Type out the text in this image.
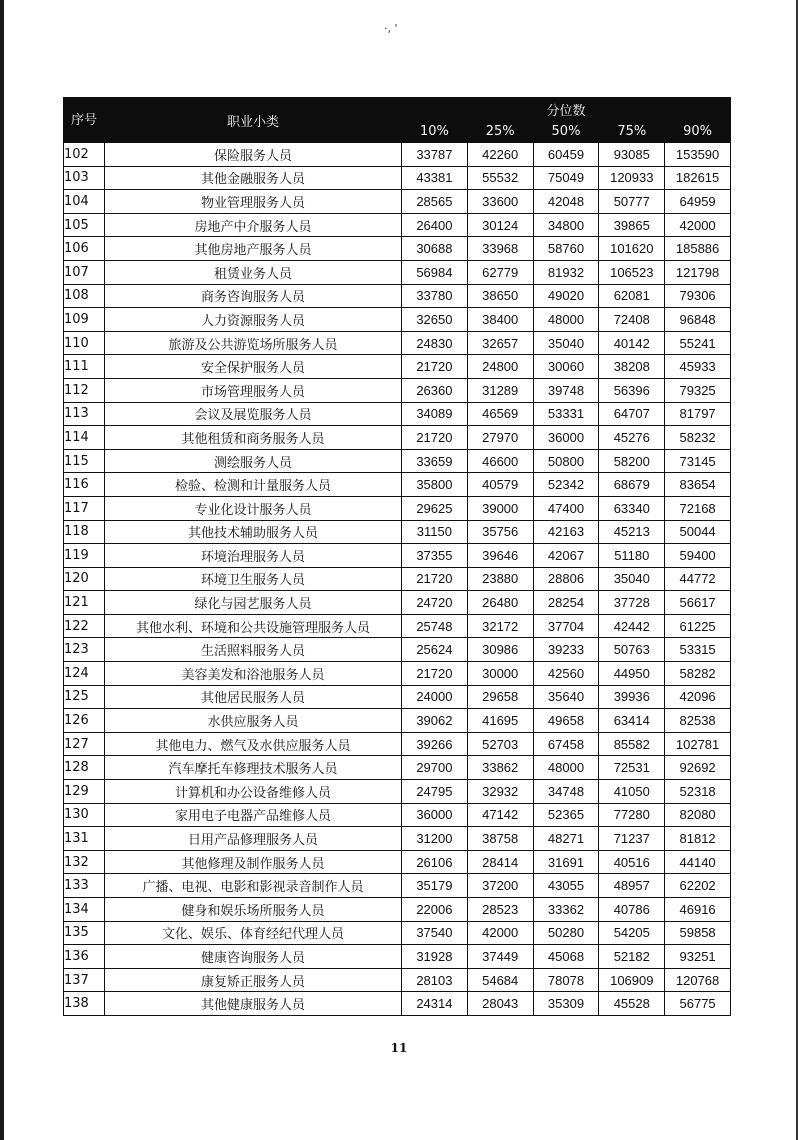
·, '
序号	职业小类	分位数				
		10%	25%	50%	75%	90%
102	保险服务人员	33787	42260	60459	93085	153590
103	其他金融服务人员	43381	55532	75049	120933	182615
104	物业管理服务人员	28565	33600	42048	50777	64959
105	房地产中介服务人员	26400	30124	34800	39865	42000
106	其他房地产服务人员	30688	33968	58760	101620	185886
107	租赁业务人员	56984	62779	81932	106523	121798
108	商务咨询服务人员	33780	38650	49020	62081	79306
109	人力资源服务人员	32650	38400	48000	72408	96848
110	旅游及公共游览场所服务人员	24830	32657	35040	40142	55241
111	安全保护服务人员	21720	24800	30060	38208	45933
112	市场管理服务人员	26360	31289	39748	56396	79325
113	会议及展览服务人员	34089	46569	53331	64707	81797
114	其他租赁和商务服务人员	21720	27970	36000	45276	58232
115	测绘服务人员	33659	46600	50800	58200	73145
116	检验、检测和计量服务人员	35800	40579	52342	68679	83654
117	专业化设计服务人员	29625	39000	47400	63340	72168
118	其他技术辅助服务人员	31150	35756	42163	45213	50044
119	环境治理服务人员	37355	39646	42067	51180	59400
120	环境卫生服务人员	21720	23880	28806	35040	44772
121	绿化与园艺服务人员	24720	26480	28254	37728	56617
122	其他水利、环境和公共设施管理服务人员	25748	32172	37704	42442	61225
123	生活照料服务人员	25624	30986	39233	50763	53315
124	美容美发和浴池服务人员	21720	30000	42560	44950	58282
125	其他居民服务人员	24000	29658	35640	39936	42096
126	水供应服务人员	39062	41695	49658	63414	82538
127	其他电力、燃气及水供应服务人员	39266	52703	67458	85582	102781
128	汽车摩托车修理技术服务人员	29700	33862	48000	72531	92692
129	计算机和办公设备维修人员	24795	32932	34748	41050	52318
130	家用电子电器产品维修人员	36000	47142	52365	77280	82080
131	日用产品修理服务人员	31200	38758	48271	71237	81812
132	其他修理及制作服务人员	26106	28414	31691	40516	44140
133	广播、电视、电影和影视录音制作人员	35179	37200	43055	48957	62202
134	健身和娱乐场所服务人员	22006	28523	33362	40786	46916
135	文化、娱乐、体育经纪代理人员	37540	42000	50280	54205	59858
136	健康咨询服务人员	31928	37449	45068	52182	93251
137	康复矫正服务人员	28103	54684	78078	106909	120768
138	其他健康服务人员	24314	28043	35309	45528	56775
11
